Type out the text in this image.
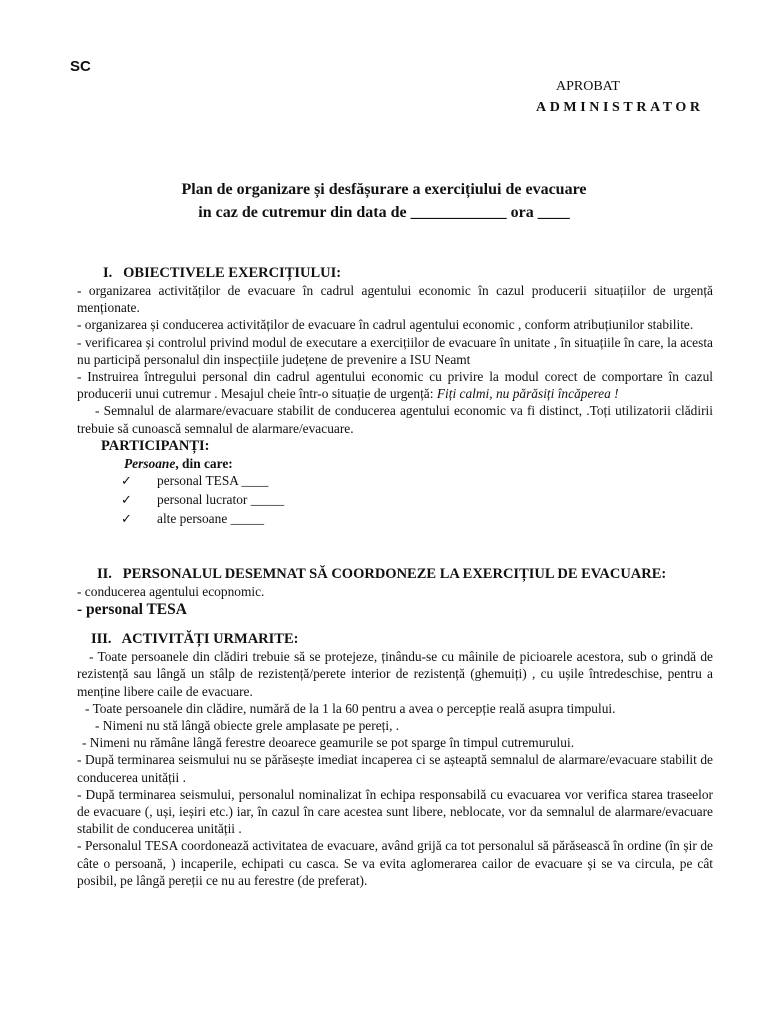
SC
APROBAT
ADMINISTRATOR
Plan de organizare și desfășurare a exercițiului de evacuare
in caz de cutremur din data de ____________ ora ____

I.   OBIECTIVELE EXERCIȚIULUI:

- organizarea activităților de evacuare în cadrul agentului economic în cazul producerii situațiilor de urgență menționate.

- organizarea și conducerea activităților de evacuare în cadrul agentului economic , conform atribuțiunilor stabilite.

- verificarea și controlul privind modul de executare a exercițiilor de evacuare în unitate , în situațiile în care, la acesta nu participă personalul din inspecțiile județene de prevenire a ISU Neamt

- Instruirea întregului personal din cadrul agentului economic cu privire la modul corect de comportare în cazul producerii unui cutremur . Mesajul cheie într-o situație de urgență: Fiți calmi, nu părăsiți încăperea !

- Semnalul de alarmare/evacuare stabilit de conducerea agentului economic va fi distinct, .Toți utilizatorii clădirii trebuie să cunoască semnalul de alarmare/evacuare.

PARTICIPANȚI:

Persoane, din care:

✓	personal TESA ____
✓	personal lucrator _____
✓	alte persoane _____

II.   PERSONALUL DESEMNAT SĂ COORDONEZE LA EXERCIȚIUL DE EVACUARE:

- conducerea agentului ecopnomic.

- personal TESA

III.   ACTIVITĂȚI URMARITE:

- Toate persoanele din clădiri trebuie să se protejeze, ținându-se cu mâinile de picioarele acestora, sub o grindă de rezistență sau lângă un stâlp de rezistență/perete interior de rezistență (ghemuiți) , cu ușile întredeschise, pentru a menține libere caile de evacuare.

- Toate persoanele din clădire, numără de la 1 la 60 pentru a avea o percepție reală asupra timpului.

- Nimeni nu stă lângă obiecte grele amplasate pe pereți, .

- Nimeni nu rămâne lângă ferestre deoarece geamurile se pot sparge în timpul cutremurului.

- După terminarea seismului nu se părăsește imediat incaperea ci se așteaptă semnalul de alarmare/evacuare stabilit de conducerea unității .

- După terminarea seismului, personalul nominalizat în echipa responsabilă cu evacuarea vor verifica starea traseelor de evacuare (, uși, ieșiri etc.) iar, în cazul în care acestea sunt libere, neblocate, vor da semnalul de alarmare/evacuare stabilit de conducerea unității .

- Personalul TESA coordonează activitatea de evacuare, având grijă ca tot personalul să părăsească în ordine (în șir de câte o persoană, ) incaperile, echipati cu casca. Se va evita aglomerarea cailor de evacuare și se va circula, pe cât posibil, pe lângă pereții ce nu au ferestre (de preferat).
